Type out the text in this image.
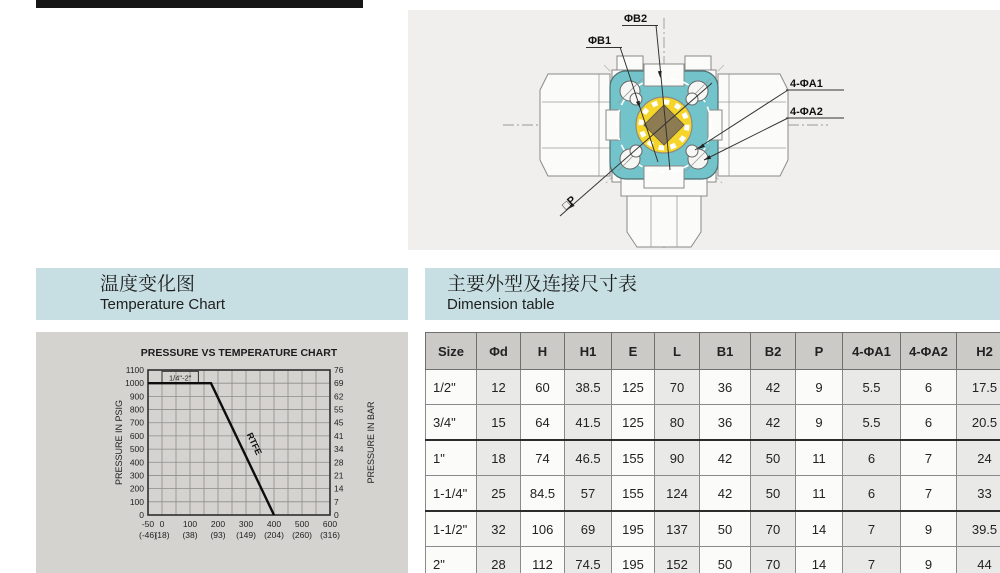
ΦB2
ΦB1
4-ΦA1
4-ΦA2
□P
温度变化图
Temperature Chart
主要外型及连接尺寸表
Dimension table
0	0
100	7
200	14
300	21
400	28
500	34
600	41
700	45
800	55
900	62
1000	69
1100	76
-50
(-46)
0
(18)
100
(38)
200
(93)
300
(149)
400
(204)
500
(260)
600
(316)
PRESSURE VS TEMPERATURE CHART
PRESSURE IN PSIG	PRESSURE IN BAR
1/4"-2"
RTFE
Size	Φd	H	H1	E	L	B1	B2	P	4-ΦA1	4-ΦA2	H2
1/2"	12	60	38.5	125	70	36	42	9	5.5	6	17.5
3/4"	15	64	41.5	125	80	36	42	9	5.5	6	20.5
1"	18	74	46.5	155	90	42	50	11	6	7	24
1-1/4"	25	84.5	57	155	124	42	50	11	6	7	33
1-1/2"	32	106	69	195	137	50	70	14	7	9	39.5
2"	28	112	74.5	195	152	50	70	14	7	9	44
